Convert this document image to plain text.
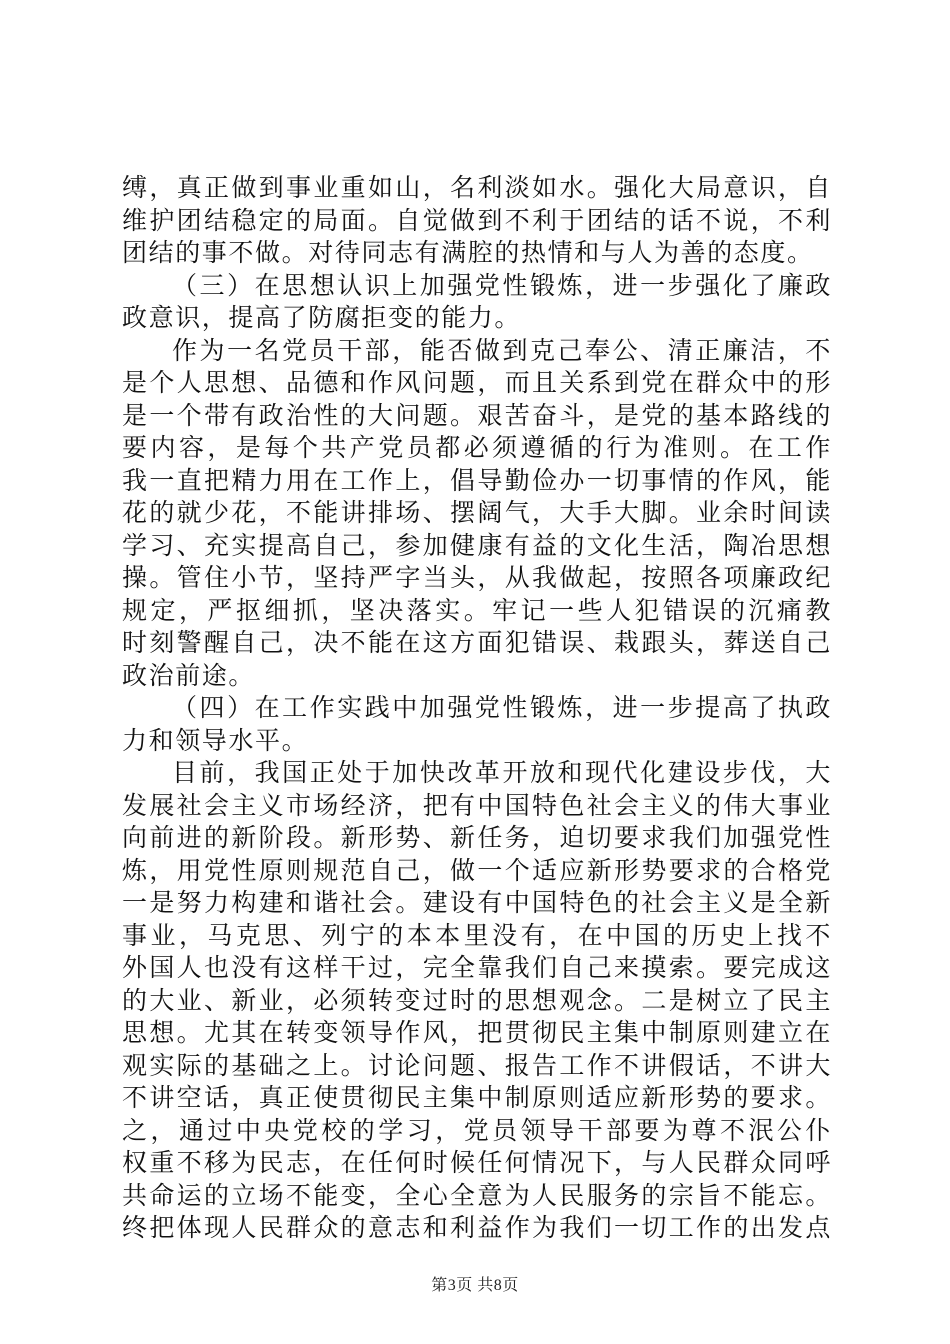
缚，真正做到事业重如山，名利淡如水。强化大局意识，自
维护团结稳定的局面。自觉做到不利于团结的话不说，不利
团结的事不做。对待同志有满腔的热情和与人为善的态度。
（三）在思想认识上加强党性锻炼，进一步强化了廉政
政意识，提高了防腐拒变的能力。
作为一名党员干部，能否做到克己奉公、清正廉洁，不
是个人思想、品德和作风问题，而且关系到党在群众中的形
是一个带有政治性的大问题。艰苦奋斗，是党的基本路线的
要内容，是每个共产党员都必须遵循的行为准则。在工作
我一直把精力用在工作上，倡导勤俭办一切事情的作风，能
花的就少花，不能讲排场、摆阔气，大手大脚。业余时间读
学习、充实提高自己，参加健康有益的文化生活，陶冶思想
操。管住小节，坚持严字当头，从我做起，按照各项廉政纪
规定，严抠细抓，坚决落实。牢记一些人犯错误的沉痛教
时刻警醒自己，决不能在这方面犯错误、栽跟头，葬送自己
政治前途。
（四）在工作实践中加强党性锻炼，进一步提高了执政
力和领导水平。
目前，我国正处于加快改革开放和现代化建设步伐，大
发展社会主义市场经济，把有中国特色社会主义的伟大事业
向前进的新阶段。新形势、新任务，迫切要求我们加强党性
炼，用党性原则规范自己，做一个适应新形势要求的合格党
一是努力构建和谐社会。建设有中国特色的社会主义是全新
事业，马克思、列宁的本本里没有，在中国的历史上找不
外国人也没有这样干过，完全靠我们自己来摸索。要完成这
的大业、新业，必须转变过时的思想观念。二是树立了民主
思想。尤其在转变领导作风，把贯彻民主集中制原则建立在
观实际的基础之上。讨论问题、报告工作不讲假话，不讲大
不讲空话，真正使贯彻民主集中制原则适应新形势的要求。
之，通过中央党校的学习，党员领导干部要为尊不泯公仆
权重不移为民志，在任何时候任何情况下，与人民群众同呼
共命运的立场不能变，全心全意为人民服务的宗旨不能忘。
终把体现人民群众的意志和利益作为我们一切工作的出发点
第3页 共8页
